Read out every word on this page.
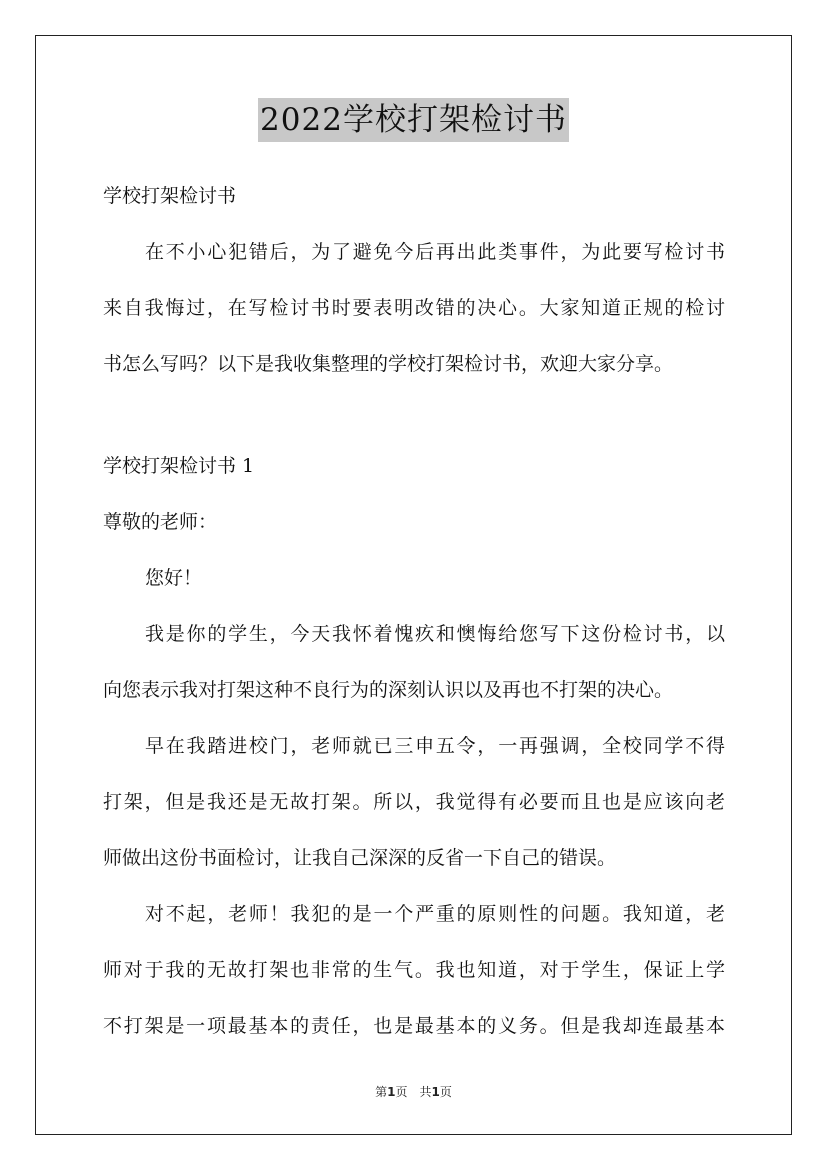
2022学校打架检讨书
学校打架检讨书
在不小心犯错后，为了避免今后再出此类事件，为此要写检讨书
来自我悔过，在写检讨书时要表明改错的决心。大家知道正规的检讨
书怎么写吗？以下是我收集整理的学校打架检讨书，欢迎大家分享。
学校打架检讨书 1
尊敬的老师：
您好！
我是你的学生，今天我怀着愧疚和懊悔给您写下这份检讨书，以
向您表示我对打架这种不良行为的深刻认识以及再也不打架的决心。
早在我踏进校门，老师就已三申五令，一再强调，全校同学不得
打架，但是我还是无故打架。所以，我觉得有必要而且也是应该向老
师做出这份书面检讨，让我自己深深的反省一下自己的错误。
对不起，老师！我犯的是一个严重的原则性的问题。我知道，老
师对于我的无故打架也非常的生气。我也知道，对于学生，保证上学
不打架是一项最基本的责任，也是最基本的义务。但是我却连最基本
第1页　共1页
